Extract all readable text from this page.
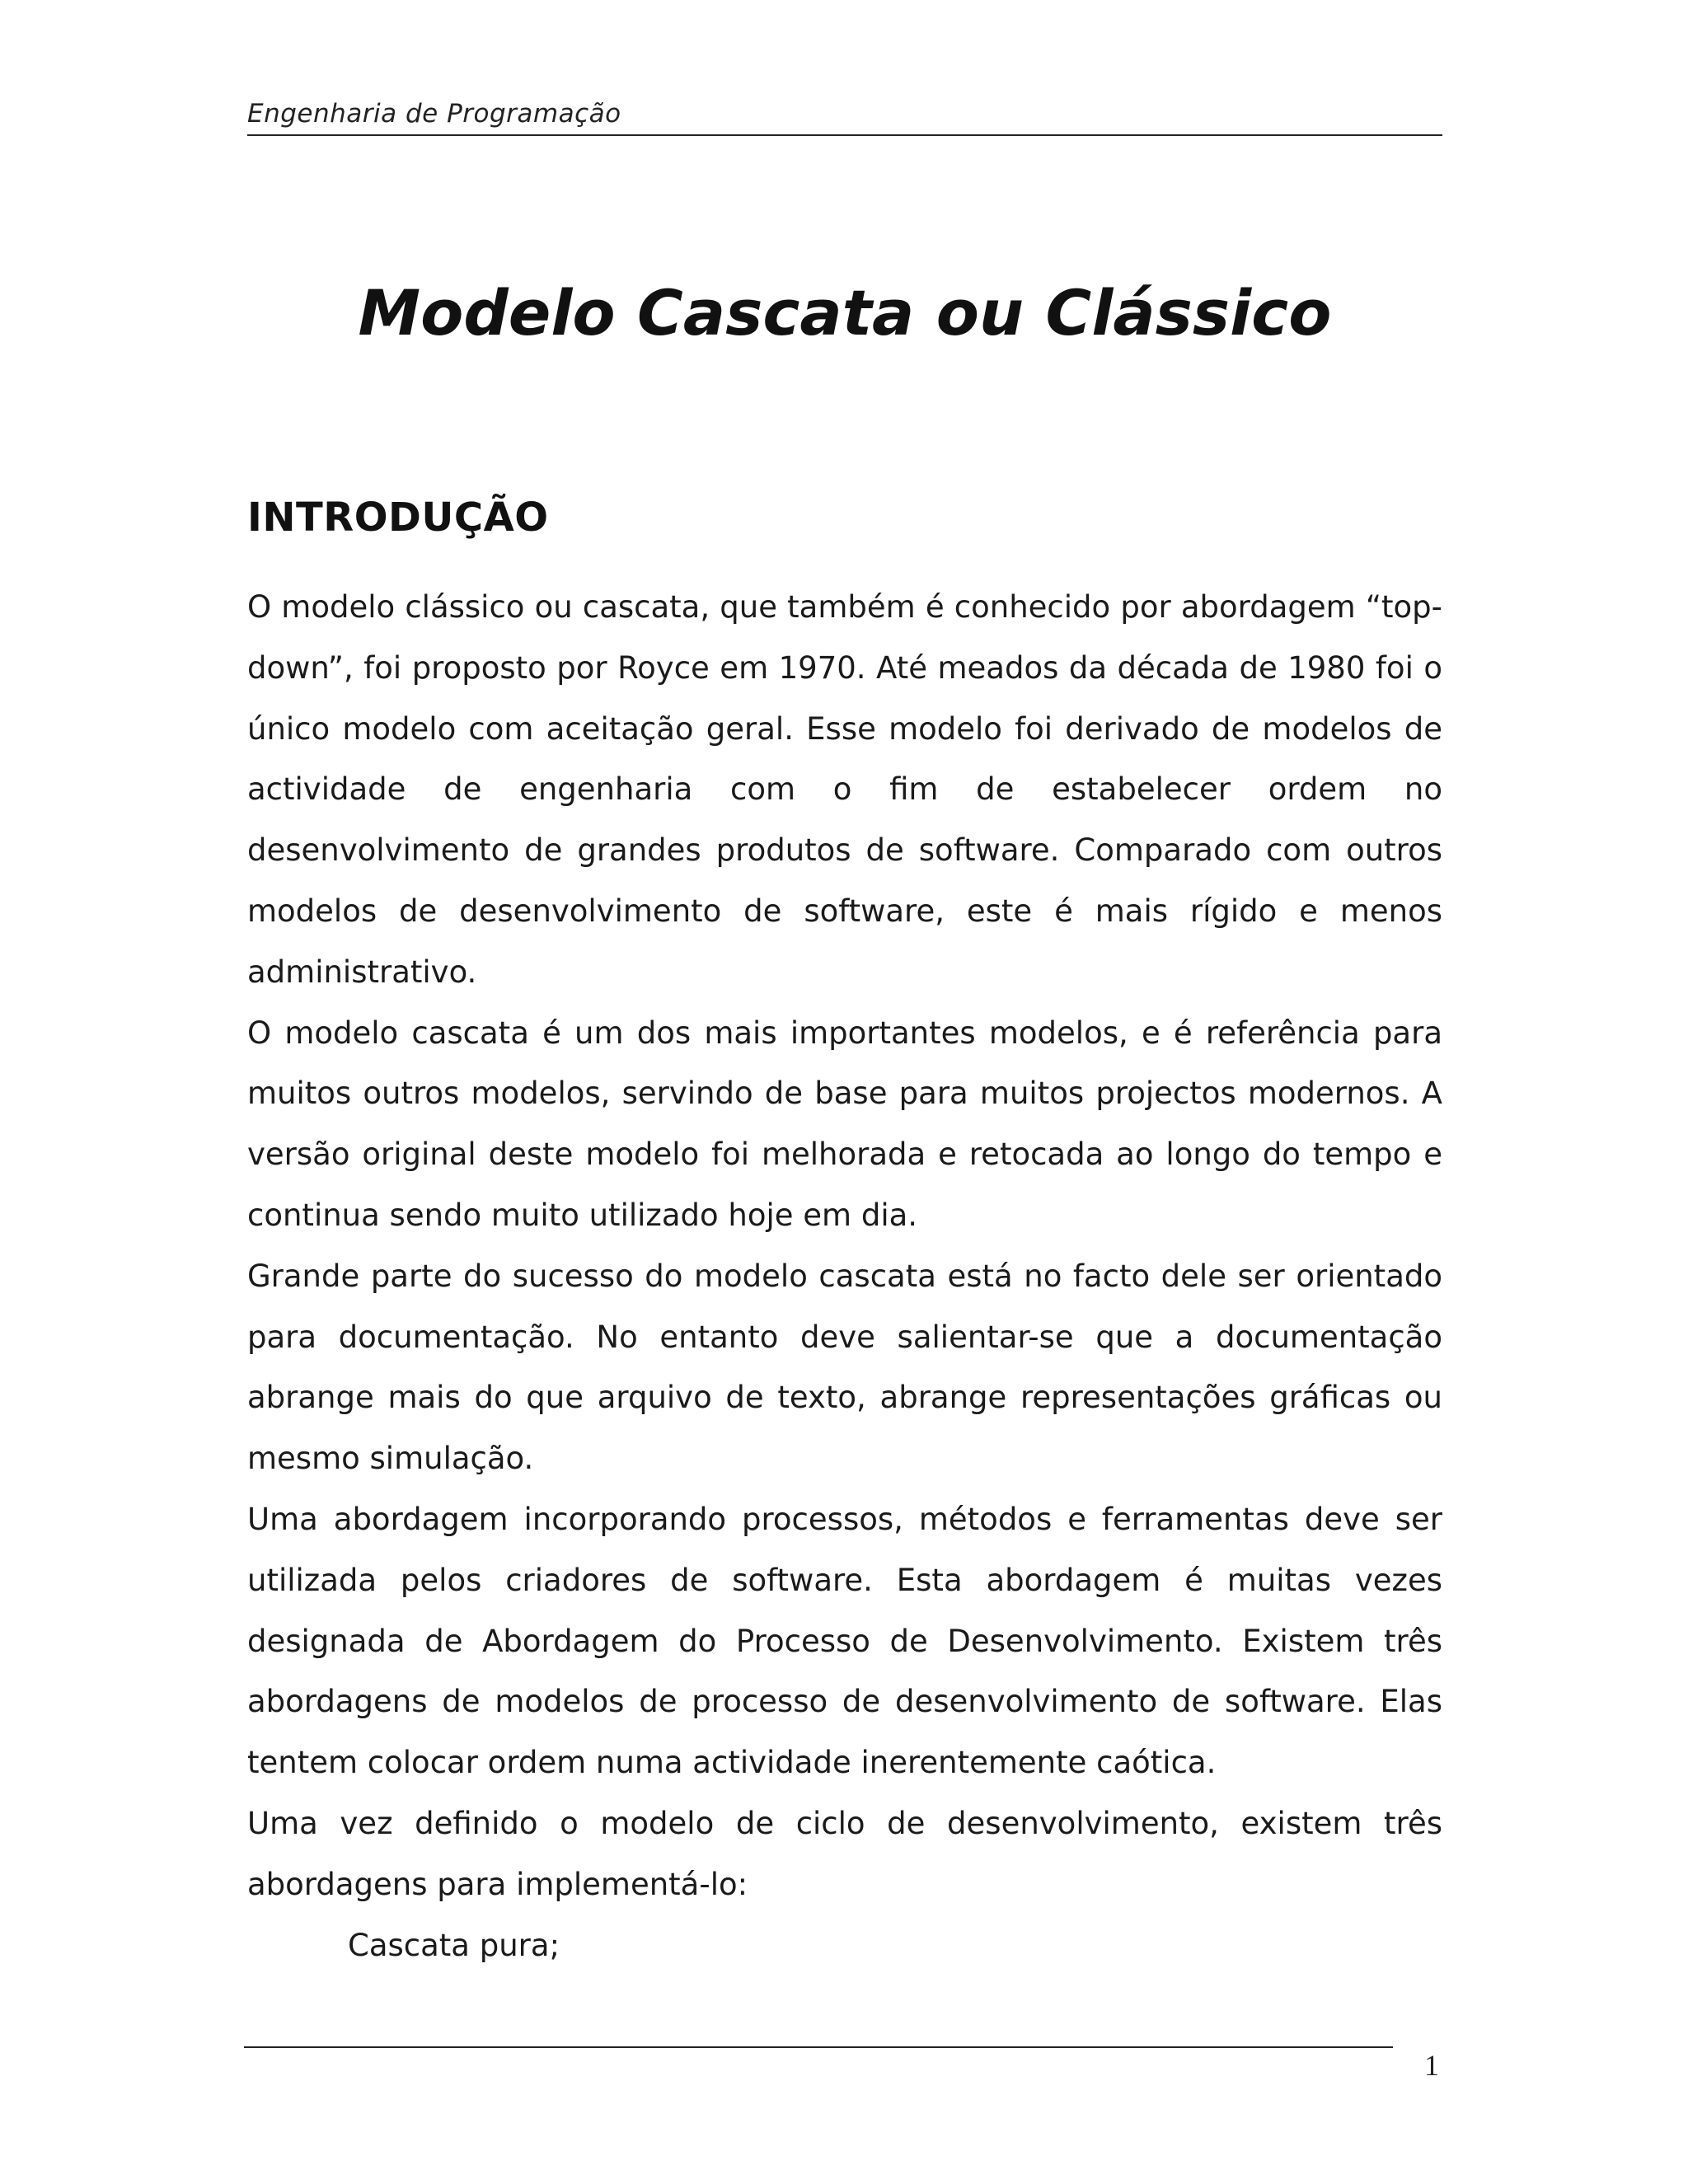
Engenharia de Programação
Modelo Cascata ou Clássico
INTRODUÇÃO

O modelo clássico ou cascata, que também é conhecido por abordagem “top-down”, foi proposto por Royce em 1970. Até meados da década de 1980 foi o único modelo com aceitação geral. Esse modelo foi derivado de modelos de actividade de engenharia com o fim de estabelecer ordem no desenvolvimento de grandes produtos de software. Comparado com outros modelos de desenvolvimento de software, este é mais rígido e menos administrativo.

O modelo cascata é um dos mais importantes modelos, e é referência para muitos outros modelos, servindo de base para muitos projectos modernos. A versão original deste modelo foi melhorada e retocada ao longo do tempo e continua sendo muito utilizado hoje em dia.

Grande parte do sucesso do modelo cascata está no facto dele ser orientado para documentação. No entanto deve salientar-se que a documentação abrange mais do que arquivo de texto, abrange representações gráficas ou mesmo simulação.

Uma abordagem incorporando processos, métodos e ferramentas deve ser utilizada pelos criadores de software. Esta abordagem é muitas vezes designada de Abordagem do Processo de Desenvolvimento. Existem três abordagens de modelos de processo de desenvolvimento de software. Elas tentem colocar ordem numa actividade inerentemente caótica.

Uma vez definido o modelo de ciclo de desenvolvimento, existem três abordagens para implementá-lo:

Cascata pura;

1
